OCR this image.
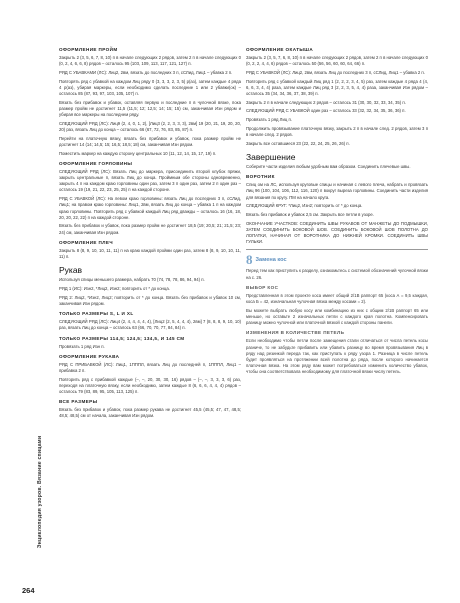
Энциклопедия узоров. Вязание спицами
264
ОФОРМЛЕНИЕ ПРОЙМ
Закрыть 2 (3, 5, 6, 7, 8, 10) п в начале следующих 2 рядов, затем 2 п в начале следующих 0 (0, 2, 4, 6, 6, 8) рядов – осталось 95 (103, 109, 113, 117, 121, 127) п.
РЯД С УБАВКАМИ (ЛС): Лиц2, 2вм, вязать до последних 3 п, сСЛид, Лиц1 – убавка 2 п.
Повторять ряд с убавкой на каждом Лиц ряду 0 (3, 3, 3, 2, 3, 5) р(аз), затем каждые 4 ряда 4 р(аз), убирая маркеры, если необходимо сделать последние 1 или 2 убавки(ок) – осталось 85 (87, 93, 97, 103, 105, 107) п.
Вязать без прибавок и убавок, оставляя первую и последние п в чулочной вязке, пока размер пройм не достигнет 11,5 (11,5; 12; 12,5; 14; 15; 15) см, заканчивая Изн рядом и убирая все маркеры на последнем ряду.
СЛЕДУЮЩИЙ РЯД (ЛС): Лиц9 (2, 4, 0, 1, 2), [Лиц3 (2, 2, 3, 3, 3), 2вм] 19 (20, 21, 19, 20, 20, 20) раз, вязать Лиц до конца – осталось 66 (67, 72, 76, 83, 85, 87) п.
Перейти на платочную вязку, вязать без прибавок и убавок, пока размер пройм не достигнет 14 (14; 14,5; 15; 16,5; 18,5; 18) см, заканчивая Изн рядом.
Поместить маркер на каждую сторону центральных 10 (11, 12, 14, 15, 17, 19) п.
ОФОРМЛЕНИЕ ГОРЛОВИНЫ
СЛЕДУЮЩИЙ РЯД (ЛС): Вязать Лиц до маркера, присоединить второй клубок пряжи, закрыть центральные п, вязать Лиц до конца. Проймным обе стороны одновременно, закрыть 4 п на каждом краю горловины один раз, затем 3 п один раз, затем 2 п один раз – осталось 19 (19, 21, 22, 23, 25, 25) п на каждой стороне.
РЯД С УБАВКОЙ (ЛС): На левом краю горловины: вязать Лиц до последних 3 п, сСЛид, Лиц1; на правом краю горловины: Лиц1, 2вм, вязать Лиц до конца – убавка 1 п на каждом краю горловины. Повторить ряд с убавкой каждый Лиц ряд дважды – осталось 16 (16, 18, 20, 20, 22, 22) п на каждой стороне.
Вязать без прибавок и убавок, пока размер пройм не достигнет 18,5 (19; 20,5; 21; 21,5; 23; 24) см, заканчивая Изн рядом.
ОФОРМЛЕНИЕ ПЛЕЧ
Закрыть 8 (8, 9, 10, 10, 11, 11) п на краю каждой пройми один раз, затем 8 (8, 9, 10, 10, 11, 11) п.
Рукав
Используя спицы меньшего размера, набрать 70 (74, 78, 78, 86, 94, 94) п.
РЯД 1 (ИС): Изн2, *Лиц2, Изн2; повторить от * до конца.
РЯД 2: Лиц2, *Изн2, Лиц2; повторить от * до конца. Вязать без прибавок и убавок 10 см, заканчивая Изн рядом.
ТОЛЬКО РАЗМЕРЫ S, L И XL
СЛЕДУЮЩИЙ РЯД (ЛС): Лиц4 (2, 4, 4, 4, 4, 4), [Лиц2 (2, 5, 4, 4, 4), 2вм] 7 (8, 8, 8, 9, 10, 10) раз, вязать Лиц до конца – осталось 63 (66, 70, 70, 77, 84, 84) п.
ТОЛЬКО РАЗМЕРЫ 114,5; 124,5; 134,5, И 145 СМ
Провязать 1 ряд Изн п.
ОФОРМЛЕНИЕ РУКАВА
РЯД С ПРИБАВКОЙ (ЛС): Лиц1, 1ПППЛ, вязать Лиц до последней п, 1ПППЛ, Лиц1 – прибавка 2 п.
Повторить ряд с прибавкой каждые (–, –, 20, 30, 30, 16) рядов – (–, –, 3, 3, 3, 6) раз, переходя на платочную вязку, если необходимо, затем каждые 8 (6, 6, 6, 4, 4, 4) рядов – осталось 79 (83, 89, 95, 105, 113, 125) п.
ВСЕ РАЗМЕРЫ
Вязать без прибавок и убавок, пока размер рукава не достигнет 45,5 (45,5; 47, 47, 48,5; 48,5; 48,5) см от начала, заканчивая Изн рядом.
ОФОРМЛЕНИЕ ОКАТЫША
Закрыть 2 (3, 5, 7, 6, 8, 10) п в начале следующих 2 рядов, затем 2 п в начале следующих 0 (0, 2, 2, 4, 4, 6) рядов – осталось 50 (56, 56, 60, 60, 64, 66) п.
РЯД С УБАВКОЙ (ЛС): Лиц2, 2вм, вязать Лиц до последних 3 п, сСЛид, Лиц1 – убавка 2 п.
Повторить ряд с убавкой каждый Лиц ряд 1 (2, 2, 2, 3, 4, 5) раз, затем каждые 4 ряда 4 (4, 6, 6, 3, 4, 4) раза, затем каждые Лиц ряд 3 (2, 2, 3, 5, 4, 4) раза, заканчивая Изн рядом – осталось 35 (34, 34, 36, 37, 38, 39) п.
Закрыть 2 п в начале следующих 2 рядов – осталось 31 (30, 30, 32, 33, 34, 35) п.
СЛЕДУЮЩИЙ РЯД С УБАВКОЙ один раз – осталось 33 (32, 32, 34, 35, 36, 36) п.
Провязать 1 ряд Лиц п.
Продолжить провязывание платочную вязку, закрыть 2 п в начале след. 2 рядов, затем 3 п в начале след. 2 рядов.
Закрыть все оставшиеся 23 (22, 22, 24, 25, 26, 26) п.
Завершение
Соберите части изделия любым удобным вам образом. Соединить плечевые швы.
ВОРОТНИК
Спиц ом на ЛС, используя круговые спицы и начиная с левого плеча, набрать и провязать Лиц 96 (100, 104, 106, 112, 116, 120) п вокруг выреза горловины. Соединить части изделия для вязания по кругу. ПМ на начало круга.
СЛЕДУЮЩИЙ КРУГ: *Лиц2, Изн2; повторить от * до конца.
Вязать без прибавок и убавок 2,5 см. Закрыть все петли в узоре.
ОКОНЧАНИЕ УЧАСТКОВ: СОЕДИНИТЬ ШВЫ РУКАВОВ ОТ МАНЖЕТЫ ДО ПОДМЫШКИ, ЗАТЕМ СОЕДИНИТЬ БОКОВОЙ ШОВ. СОЕДИНИТЬ БОКОВОЙ ШОВ ПОЛОТНА ДО ЛОПАТКИ, НАЧИНАЯ ОТ ВОРОТНИКА ДО НИЖНЕЙ КРОМКИ. СОЕДИНИТЬ ШВЫ ГУЛЬКИ.
8 Замена кос
Перед тем как приступить к разделу, ознакомьтесь с системой обозначений чулочной вязки на с. 26.
ВЫБОР КОС
Представленная в этом проекте коса имеет общий 2/1В раппорт 65 (коса А = 9,5 каждая, коса Б = 42, изначальная чулочная вязка между косами = 2).
Вы можете выбрать любую косу или комбинацию из них с общим 2/1В раппорт 65 или меньше, но оставьте 2 изначальных петли с каждого края полотна. Компенсировать разницу можно чулочной или платочной вязкой с каждой стороны панели.
ИЗМЕНЕНИЯ В КОЛИЧЕСТВЕ ПЕТЕЛЬ
Если необходимо чтобы петли после замещения стали отличаться от числа петель косы разниче, то не забудьте прибавить или убавить разницу во время провязывания Лиц в ряду над резинкой переда так, как приступать к ряду узора 1. Разница в числе петель будет проявляться на протяжении всей полотна до ряда, после которого начинается платочная вязка. На этом ряду вам может потребоваться изменить количество убавок, чтобы она соответствовала необходимому для платочной вязки числу петель.
